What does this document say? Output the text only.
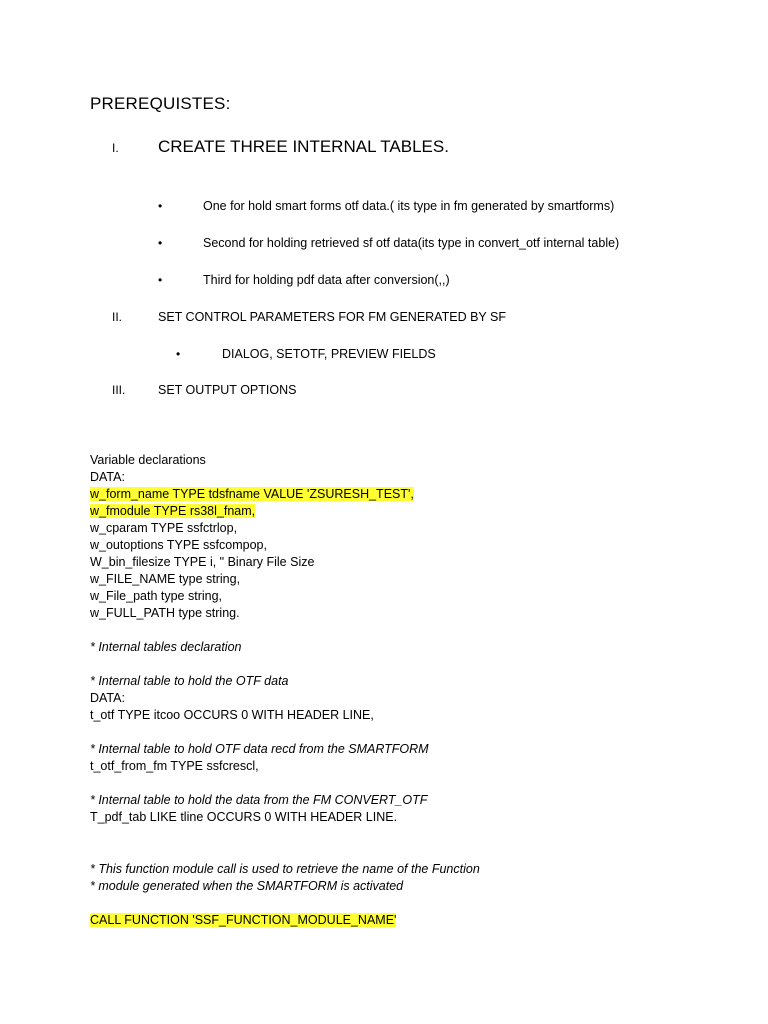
PREREQUISTES:
I. CREATE THREE INTERNAL TABLES.
•	One for hold smart forms otf data.( its type in fm generated by smartforms)
•	Second for holding retrieved sf otf data(its type in convert_otf internal table)
•	Third for holding pdf data after conversion(,,)
II.	SET CONTROL PARAMETERS FOR FM GENERATED BY SF
•	DIALOG, SETOTF, PREVIEW FIELDS
III.	SET OUTPUT OPTIONS
Variable declarations
DATA:
w_form_name TYPE tdsfname VALUE 'ZSURESH_TEST',
w_fmodule TYPE rs38l_fnam,
w_cparam TYPE ssfctrlop,
w_outoptions TYPE ssfcompop,
W_bin_filesize TYPE i, " Binary File Size
w_FILE_NAME type string,
w_File_path type string,
w_FULL_PATH type string.
* Internal tables declaration
* Internal table to hold the OTF data
DATA:
t_otf TYPE itcoo OCCURS 0 WITH HEADER LINE,
* Internal table to hold OTF data recd from the SMARTFORM
t_otf_from_fm TYPE ssfcrescl,
* Internal table to hold the data from the FM CONVERT_OTF
T_pdf_tab LIKE tline OCCURS 0 WITH HEADER LINE.
* This function module call is used to retrieve the name of the Function
* module generated when the SMARTFORM is activated
CALL FUNCTION 'SSF_FUNCTION_MODULE_NAME'
